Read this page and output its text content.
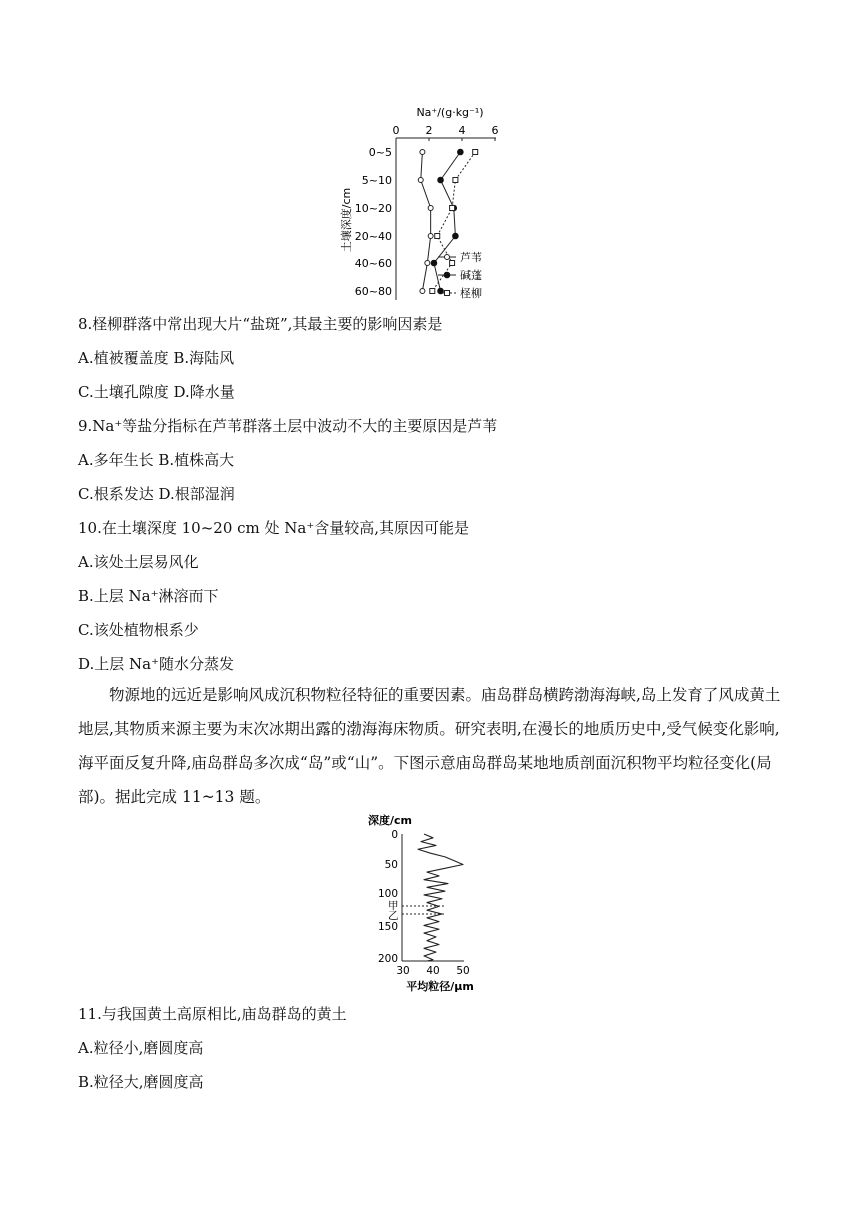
Na⁺/(g·kg⁻¹)
0 2 4 6
0~5
5~10
10~20
20~40
40~60
60~80
土壤深度/cm
芦苇
碱蓬
柽柳
8.柽柳群落中常出现大片“盐斑”,其最主要的影响因素是
A.植被覆盖度 B.海陆风
C.土壤孔隙度 D.降水量
9.Na⁺等盐分指标在芦苇群落土层中波动不大的主要原因是芦苇
A.多年生长 B.植株高大
C.根系发达 D.根部湿润
10.在土壤深度 10~20 cm 处 Na⁺含量较高,其原因可能是
A.该处土层易风化
B.上层 Na⁺淋溶而下
C.该处植物根系少
D.上层 Na⁺随水分蒸发
物源地的远近是影响风成沉积物粒径特征的重要因素。庙岛群岛横跨渤海海峡,岛上发育了风成黄土地层,其物质来源主要为末次冰期出露的渤海海床物质。研究表明,在漫长的地质历史中,受气候变化影响,海平面反复升降,庙岛群岛多次成“岛”或“山”。下图示意庙岛群岛某地地质剖面沉积物平均粒径变化(局部)。据此完成 11~13 题。
深度/cm
0
50
100
150
200
30 40 50
平均粒径/μm
甲
乙
11.与我国黄土高原相比,庙岛群岛的黄土
A.粒径小,磨圆度高
B.粒径大,磨圆度高
